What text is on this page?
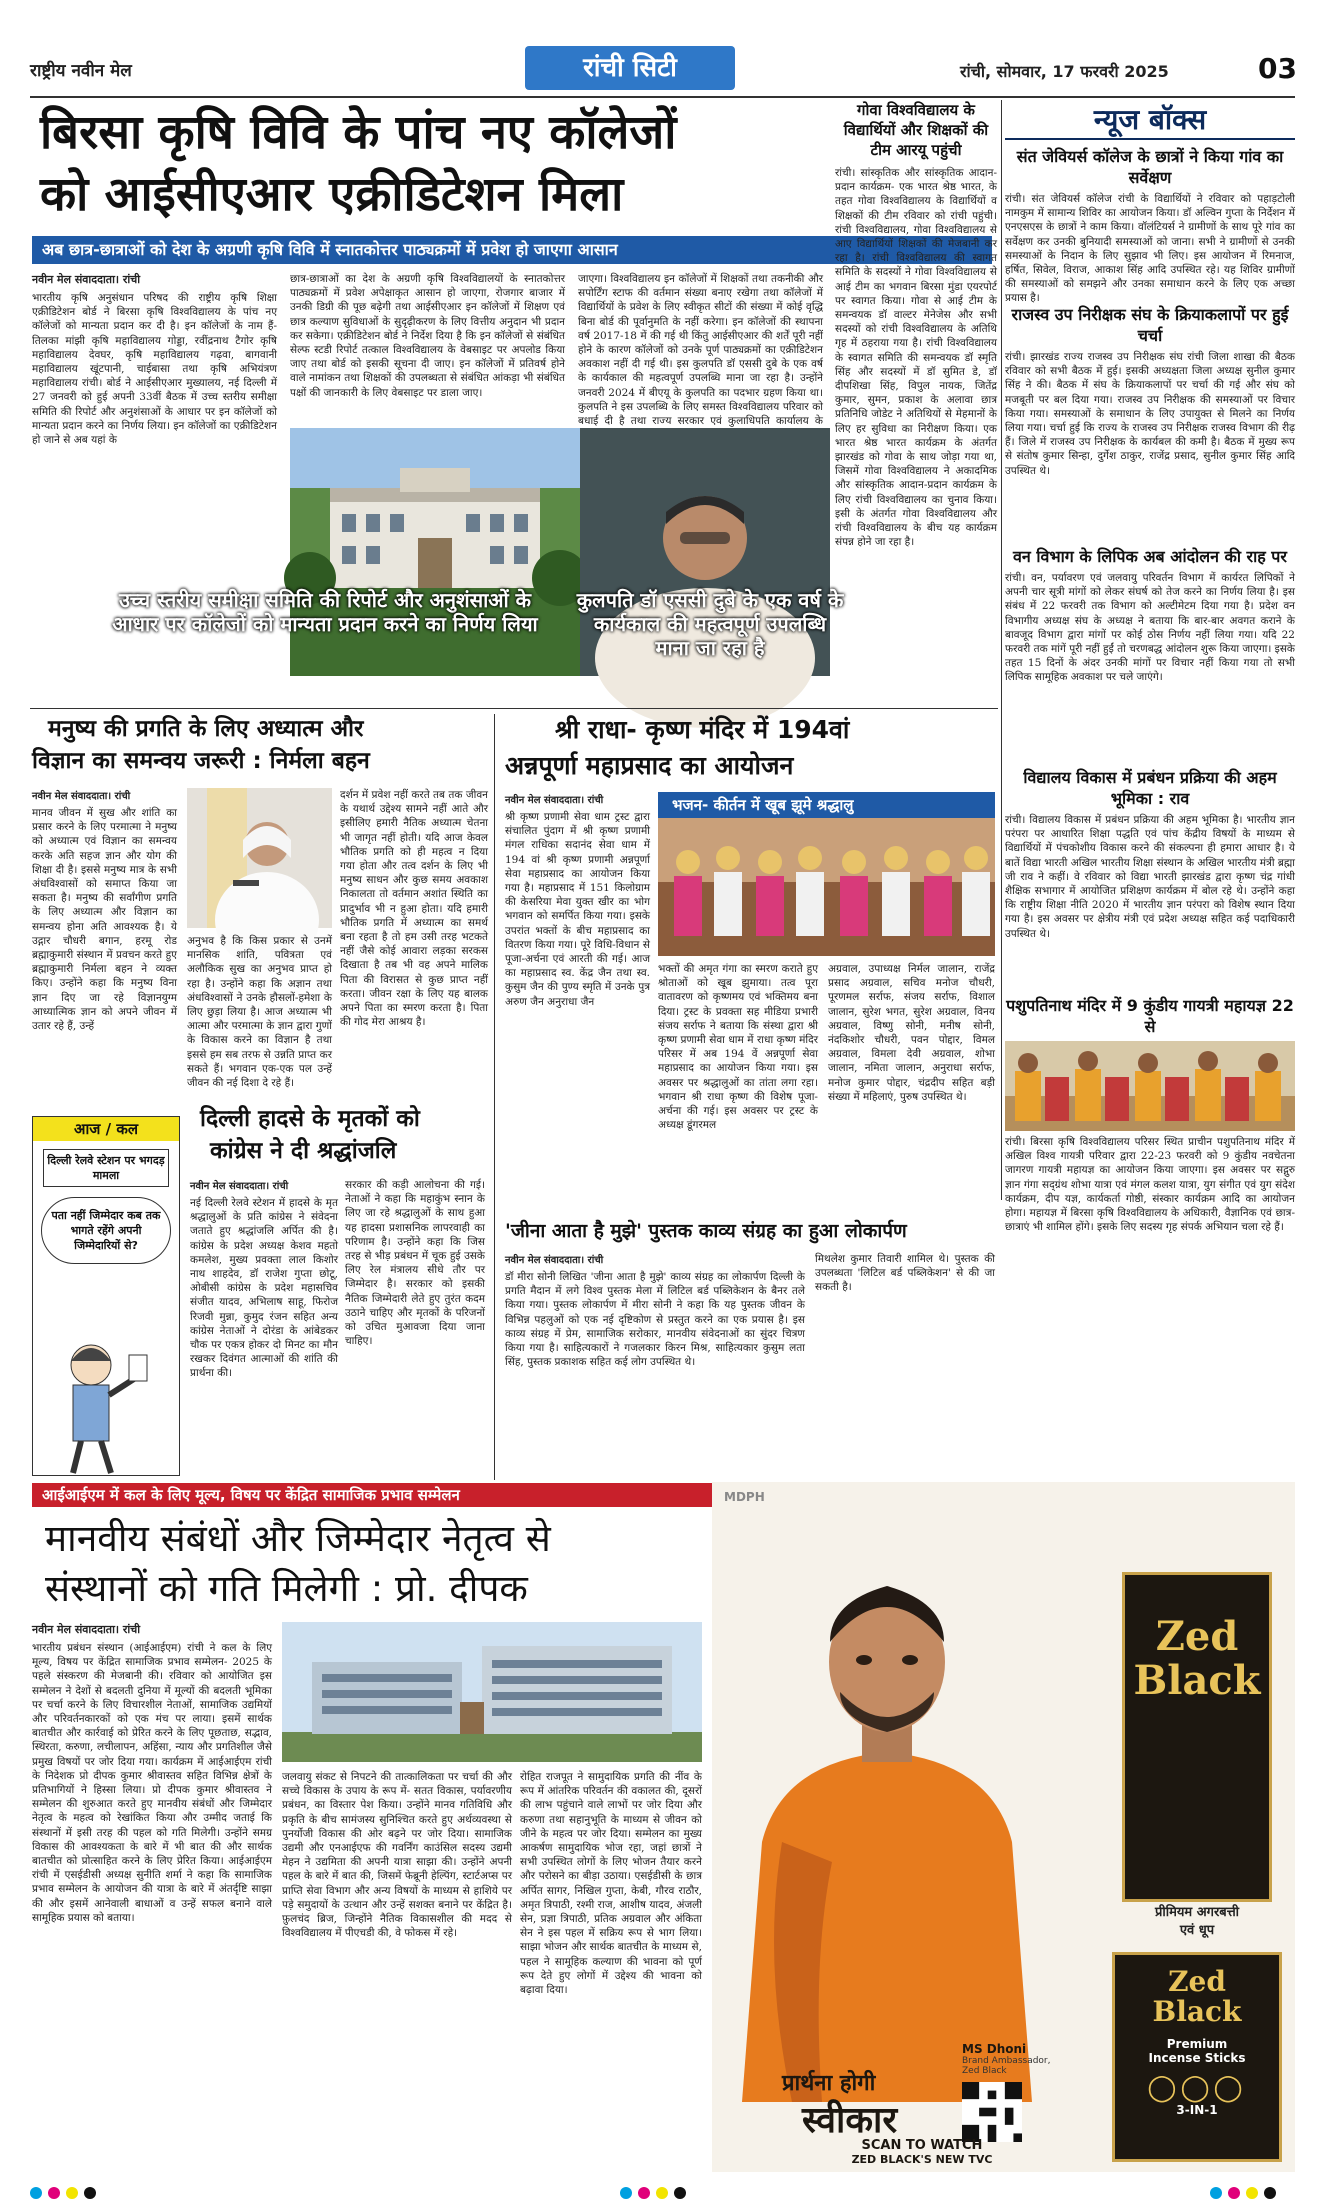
राष्ट्रीय नवीन मेल	रांची सिटी	रांची, सोमवार, 17 फरवरी 2025	03
बिरसा कृषि विवि के पांच नए कॉलेजों
को आईसीएआर एक्रीडिटेशन मिला
अब छात्र-छात्राओं को देश के अग्रणी कृषि विवि में स्नातकोत्तर पाठ्यक्रमों में प्रवेश हो जाएगा आसान
नवीन मेल संवाददाता। रांची
भारतीय कृषि अनुसंधान परिषद की राष्ट्रीय कृषि शिक्षा एक्रीडिटेशन बोर्ड ने बिरसा कृषि विश्वविद्यालय के पांच नए कॉलेजों को मान्यता प्रदान कर दी है। इन कॉलेजों के नाम हैं- तिलका मांझी कृषि महाविद्यालय गोड्डा, रवींद्रनाथ टैगोर कृषि महाविद्यालय देवघर, कृषि महाविद्यालय गढ़वा, बागवानी महाविद्यालय खूंटपानी, चाईबासा तथा कृषि अभियंत्रण महाविद्यालय रांची। बोर्ड ने आईसीएआर मुख्यालय, नई दिल्ली में 27 जनवरी को हुई अपनी 33वीं बैठक में उच्च स्तरीय समीक्षा समिति की रिपोर्ट और अनुशंसाओं के आधार पर इन कॉलेजों को मान्यता प्रदान करने का निर्णय लिया। इन कॉलेजों का एक्रीडिटेशन हो जाने से अब यहां के
छात्र-छात्राओं का देश के अग्रणी कृषि विश्वविद्यालयों के स्नातकोत्तर पाठ्यक्रमों में प्रवेश अपेक्षाकृत आसान हो जाएगा, रोजगार बाजार में उनकी डिग्री की पूछ बढ़ेगी तथा आईसीएआर इन कॉलेजों में शिक्षण एवं छात्र कल्याण सुविधाओं के सुदृढ़ीकरण के लिए वित्तीय अनुदान भी प्रदान कर सकेगा। एक्रीडिटेशन बोर्ड ने निर्देश दिया है कि इन कॉलेजों से संबंधित सेल्फ स्टडी रिपोर्ट तत्काल विश्वविद्यालय के वेबसाइट पर अपलोड किया जाए तथा बोर्ड को इसकी सूचना दी जाए। इन कॉलेजों में प्रतिवर्ष होने वाले नामांकन तथा शिक्षकों की उपलब्धता से संबंधित आंकड़ा भी संबंधित पक्षों की जानकारी के लिए वेबसाइट पर डाला जाए।
जाएगा। विश्वविद्यालय इन कॉलेजों में शिक्षकों तथा तकनीकी और सपोर्टिंग स्टाफ की वर्तमान संख्या बनाए रखेगा तथा कॉलेजों में विद्यार्थियों के प्रवेश के लिए स्वीकृत सीटों की संख्या में कोई वृद्धि बिना बोर्ड की पूर्वानुमति के नहीं करेगा। इन कॉलेजों की स्थापना वर्ष 2017-18 में की गई थी किंतु आईसीएआर की शर्तें पूरी नहीं होने के कारण कॉलेजों को उनके पूर्ण पाठ्यक्रमों का एक्रीडिटेशन अवकाश नहीं दी गई थी। इस कुलपति डॉ एससी दुबे के एक वर्ष के कार्यकाल की महत्वपूर्ण उपलब्धि माना जा रहा है। उन्होंने जनवरी 2024 में बीएयू के कुलपति का पदभार ग्रहण किया था। कुलपति ने इस उपलब्धि के लिए समस्त विश्वविद्यालय परिवार को बधाई दी है तथा राज्य सरकार एवं कुलाधिपति कार्यालय के
उच्च स्तरीय समीक्षा समिति की रिपोर्ट और अनुशंसाओं के आधार पर कॉलेजों को मान्यता प्रदान करने का निर्णय लिया
कुलपति डॉ एससी दुबे के एक वर्ष के कार्यकाल की महत्वपूर्ण उपलब्धि माना जा रहा है
गोवा विश्वविद्यालय के विद्यार्थियों और शिक्षकों की टीम आरयू पहुंची
रांची। सांस्कृतिक और सांस्कृतिक आदान-प्रदान कार्यक्रम- एक भारत श्रेष्ठ भारत, के तहत गोवा विश्वविद्यालय के विद्यार्थियों व शिक्षकों की टीम रविवार को रांची पहुंची। रांची विश्वविद्यालय, गोवा विश्वविद्यालय से आए विद्यार्थियों शिक्षकों की मेजबानी कर रहा है। रांची विश्वविद्यालय की स्वागत समिति के सदस्यों ने गोवा विश्वविद्यालय से आई टीम का भगवान बिरसा मुंडा एयरपोर्ट पर स्वागत किया। गोवा से आई टीम के समन्वयक डॉ वाल्टर मेनेजेस और सभी सदस्यों को रांची विश्वविद्यालय के अतिथि गृह में ठहराया गया है। रांची विश्वविद्यालय के स्वागत समिति की समन्वयक डॉ स्मृति सिंह और सदस्यों में डॉ सुमित डे, डॉ दीपशिखा सिंह, विपुल नायक, जितेंद्र कुमार, सुमन, प्रकाश के अलावा छात्र प्रतिनिधि जोडेट ने अतिथियों से मेहमानों के लिए हर सुविधा का निरीक्षण किया। एक भारत श्रेष्ठ भारत कार्यक्रम के अंतर्गत झारखंड को गोवा के साथ जोड़ा गया था, जिसमें गोवा विश्वविद्यालय ने अकादमिक और सांस्कृतिक आदान-प्रदान कार्यक्रम के लिए रांची विश्वविद्यालय का चुनाव किया। इसी के अंतर्गत गोवा विश्वविद्यालय और रांची विश्वविद्यालय के बीच यह कार्यक्रम संपन्न होने जा रहा है।
न्यूज बॉक्स
संत जेवियर्स कॉलेज के छात्रों ने किया गांव का सर्वेक्षण
रांची। संत जेवियर्स कॉलेज रांची के विद्यार्थियों ने रविवार को पहाड़टोली नामकुम में सामान्य शिविर का आयोजन किया। डॉ अल्विन गुप्ता के निर्देशन में एनएसएस के छात्रों ने काम किया। वॉलंटियर्स ने ग्रामीणों के साथ पूरे गांव का सर्वेक्षण कर उनकी बुनियादी समस्याओं को जाना। सभी ने ग्रामीणों से उनकी समस्याओं के निदान के लिए सुझाव भी लिए। इस आयोजन में रिमनाज, हर्षित, सिवेल, विराज, आकाश सिंह आदि उपस्थित रहे। यह शिविर ग्रामीणों की समस्याओं को समझने और उनका समाधान करने के लिए एक अच्छा प्रयास है।
राजस्व उप निरीक्षक संघ के क्रियाकलापों पर हुई चर्चा
रांची। झारखंड राज्य राजस्व उप निरीक्षक संघ रांची जिला शाखा की बैठक रविवार को सभी बैठक में हुई। इसकी अध्यक्षता जिला अध्यक्ष सुनील कुमार सिंह ने की। बैठक में संघ के क्रियाकलापों पर चर्चा की गई और संघ को मजबूती पर बल दिया गया। राजस्व उप निरीक्षक की समस्याओं पर विचार किया गया। समस्याओं के समाधान के लिए उपायुक्त से मिलने का निर्णय लिया गया। चर्चा हुई कि राज्य के राजस्व उप निरीक्षक राजस्व विभाग की रीढ़ हैं। जिले में राजस्व उप निरीक्षक के कार्यबल की कमी है। बैठक में मुख्य रूप से संतोष कुमार सिन्हा, दुर्गेश ठाकुर, राजेंद्र प्रसाद, सुनील कुमार सिंह आदि उपस्थित थे।
वन विभाग के लिपिक अब आंदोलन की राह पर
रांची। वन, पर्यावरण एवं जलवायु परिवर्तन विभाग में कार्यरत लिपिकों ने अपनी चार सूत्री मांगों को लेकर संघर्ष को तेज करने का निर्णय लिया है। इस संबंध में 22 फरवरी तक विभाग को अल्टीमेटम दिया गया है। प्रदेश वन विभागीय अध्यक्ष संघ के अध्यक्ष ने बताया कि बार-बार अवगत कराने के बावजूद विभाग द्वारा मांगों पर कोई ठोस निर्णय नहीं लिया गया। यदि 22 फरवरी तक मांगें पूरी नहीं हुईं तो चरणबद्ध आंदोलन शुरू किया जाएगा। इसके तहत 15 दिनों के अंदर उनकी मांगों पर विचार नहीं किया गया तो सभी लिपिक सामूहिक अवकाश पर चले जाएंगे।
विद्यालय विकास में प्रबंधन प्रक्रिया की अहम भूमिका : राव
रांची। विद्यालय विकास में प्रबंधन प्रक्रिया की अहम भूमिका है। भारतीय ज्ञान परंपरा पर आधारित शिक्षा पद्धति एवं पांच केंद्रीय विषयों के माध्यम से विद्यार्थियों में पंचकोशीय विकास करने की संकल्पना ही हमारा आधार है। ये बातें विद्या भारती अखिल भारतीय शिक्षा संस्थान के अखिल भारतीय मंत्री ब्रह्मा जी राव ने कहीं। वे रविवार को विद्या भारती झारखंड द्वारा कृष्ण चंद्र गांधी शैक्षिक सभागार में आयोजित प्रशिक्षण कार्यक्रम में बोल रहे थे। उन्होंने कहा कि राष्ट्रीय शिक्षा नीति 2020 में भारतीय ज्ञान परंपरा को विशेष स्थान दिया गया है। इस अवसर पर क्षेत्रीय मंत्री एवं प्रदेश अध्यक्ष सहित कई पदाधिकारी उपस्थित थे।
पशुपतिनाथ मंदिर में 9 कुंडीय गायत्री महायज्ञ 22 से
रांची। बिरसा कृषि विश्वविद्यालय परिसर स्थित प्राचीन पशुपतिनाथ मंदिर में अखिल विश्व गायत्री परिवार द्वारा 22-23 फरवरी को 9 कुंडीय नवचेतना जागरण गायत्री महायज्ञ का आयोजन किया जाएगा। इस अवसर पर सद्गुरु ज्ञान गंगा सद्ग्रंथ शोभा यात्रा एवं मंगल कलश यात्रा, युग संगीत एवं युग संदेश कार्यक्रम, दीप यज्ञ, कार्यकर्ता गोष्ठी, संस्कार कार्यक्रम आदि का आयोजन होगा। महायज्ञ में बिरसा कृषि विश्वविद्यालय के अधिकारी, वैज्ञानिक एवं छात्र-छात्राएं भी शामिल होंगे। इसके लिए सदस्य गृह संपर्क अभियान चला रहे हैं।
मनुष्य की प्रगति के लिए अध्यात्म और
विज्ञान का समन्वय जरूरी : निर्मला बहन
नवीन मेल संवाददाता। रांची
मानव जीवन में सुख और शांति का प्रसार करने के लिए परमात्मा ने मनुष्य को अध्यात्म एवं विज्ञान का समन्वय करके अति सहज ज्ञान और योग की शिक्षा दी है। इससे मनुष्य मात्र के सभी अंधविश्वासों को समाप्त किया जा सकता है। मनुष्य की सर्वांगीण प्रगति के लिए अध्यात्म और विज्ञान का समन्वय होना अति आवश्यक है। ये उद्गार चौधरी बगान, हरमू रोड ब्रह्माकुमारी संस्थान में प्रवचन करते हुए ब्रह्माकुमारी निर्मला बहन ने व्यक्त किए। उन्होंने कहा कि मनुष्य विना ज्ञान दिए जा रहे विज्ञानयुग्म आध्यात्मिक ज्ञान को अपने जीवन में उतार रहे हैं, उन्हें
अनुभव है कि किस प्रकार से उनमें मानसिक शांति, पवित्रता एवं अलौकिक सुख का अनुभव प्राप्त हो रहा है। उन्होंने कहा कि अज्ञान तथा अंधविश्वासों ने उनके हौसलों-हमेशा के लिए छुड़ा लिया है। आज अध्यात्म भी आत्मा और परमात्मा के ज्ञान द्वारा गुणों के विकास करने का विज्ञान है तथा इससे हम सब तरफ से उन्नति प्राप्त कर सकते हैं। भगवान एक-एक पल उन्हें जीवन की नई दिशा दे रहे हैं।
दर्शन में प्रवेश नहीं करते तब तक जीवन के यथार्थ उद्देश्य सामने नहीं आते और इसीलिए हमारी नैतिक अध्यात्म चेतना भी जागृत नहीं होती। यदि आज केवल भौतिक प्रगति को ही महत्व न दिया गया होता और तत्व दर्शन के लिए भी मनुष्य साधन और कुछ समय अवकाश निकालता तो वर्तमान अशांत स्थिति का प्रादुर्भाव भी न हुआ होता। यदि हमारी भौतिक प्रगति में अध्यात्म का समर्थ बना रहता है तो हम उसी तरह भटकते नहीं जैसे कोई आवारा लड़का सरकस दिखाता है तब भी वह अपने मालिक पिता की विरासत से कुछ प्राप्त नहीं करता। जीवन रक्षा के लिए यह बालक अपने पिता का स्मरण करता है। पिता की गोद मेरा आश्रय है।
आज / कल
दिल्ली रेलवे स्टेशन पर भगदड़ मामला
पता नहीं जिम्मेदार कब तक भागते रहेंगे अपनी जिम्मेदारियों से?
दिल्ली हादसे के मृतकों को
कांग्रेस ने दी श्रद्धांजलि
नवीन मेल संवाददाता। रांची
नई दिल्ली रेलवे स्टेशन में हादसे के मृत श्रद्धालुओं के प्रति कांग्रेस ने संवेदना जताते हुए श्रद्धांजलि अर्पित की है। कांग्रेस के प्रदेश अध्यक्ष केशव महतो कमलेश, मुख्य प्रवक्ता लाल किशोर नाथ शाहदेव, डॉ राजेश गुप्ता छोटू, ओबीसी कांग्रेस के प्रदेश महासचिव संजीत यादव, अभिलाष साहू, फिरोज रिजवी मुन्ना, कुमुद रंजन सहित अन्य कांग्रेस नेताओं ने दोरंडा के आंबेडकर चौक पर एकत्र होकर दो मिनट का मौन रखकर दिवंगत आत्माओं की शांति की प्रार्थना की।
सरकार की कड़ी आलोचना की गई। नेताओं ने कहा कि महाकुंभ स्नान के लिए जा रहे श्रद्धालुओं के साथ हुआ यह हादसा प्रशासनिक लापरवाही का परिणाम है। उन्होंने कहा कि जिस तरह से भीड़ प्रबंधन में चूक हुई उसके लिए रेल मंत्रालय सीधे तौर पर जिम्मेदार है। सरकार को इसकी नैतिक जिम्मेदारी लेते हुए तुरंत कदम उठाने चाहिए और मृतकों के परिजनों को उचित मुआवजा दिया जाना चाहिए।
श्री राधा- कृष्ण मंदिर में 194वां
अन्नपूर्णा महाप्रसाद का आयोजन
नवीन मेल संवाददाता। रांची
श्री कृष्ण प्रणामी सेवा धाम ट्रस्ट द्वारा संचालित पुंदाग में श्री कृष्ण प्रणामी मंगल राधिका सदानंद सेवा धाम में 194 वां श्री कृष्ण प्रणामी अन्नपूर्णा सेवा महाप्रसाद का आयोजन किया गया है। महाप्रसाद में 151 किलोग्राम की केसरिया मेवा युक्त खीर का भोग भगवान को समर्पित किया गया। इसके उपरांत भक्तों के बीच महाप्रसाद का वितरण किया गया। पूरे विधि-विधान से पूजा-अर्चना एवं आरती की गई। आज का महाप्रसाद स्व. केंद्र जैन तथा स्व. कुसुम जैन की पुण्य स्मृति में उनके पुत्र अरुण जैन अनुराधा जैन
भजन- कीर्तन में खूब झूमे श्रद्धालु
भक्तों की अमृत गंगा का स्मरण कराते हुए श्रोताओं को खूब झुमाया। तत्व पूरा वातावरण को कृष्णमय एवं भक्तिमय बना दिया। ट्रस्ट के प्रवक्ता सह मीडिया प्रभारी संजय सर्राफ ने बताया कि संस्था द्वारा श्री कृष्ण प्रणामी सेवा धाम में राधा कृष्ण मंदिर परिसर में अब 194 वें अन्नपूर्णा सेवा महाप्रसाद का आयोजन किया गया। इस अवसर पर श्रद्धालुओं का तांता लगा रहा। भगवान श्री राधा कृष्ण की विशेष पूजा-अर्चना की गई। इस अवसर पर ट्रस्ट के अध्यक्ष डूंगरमल
अग्रवाल, उपाध्यक्ष निर्मल जालान, राजेंद्र प्रसाद अग्रवाल, सचिव मनोज चौधरी, पूरणमल सर्राफ, संजय सर्राफ, विशाल जालान, सुरेश भगत, सुरेश अग्रवाल, विनय अग्रवाल, विष्णु सोनी, मनीष सोनी, नंदकिशोर चौधरी, पवन पोद्दार, विमल अग्रवाल, विमला देवी अग्रवाल, शोभा जालान, नमिता जालान, अनुराधा सर्राफ, मनोज कुमार पोद्दार, चंद्रदीप सहित बड़ी संख्या में महिलाएं, पुरुष उपस्थित थे।
'जीना आता है मुझे' पुस्तक काव्य संग्रह का हुआ लोकार्पण
नवीन मेल संवाददाता। रांची
डॉ मीरा सोनी लिखित 'जीना आता है मुझे' काव्य संग्रह का लोकार्पण दिल्ली के प्रगति मैदान में लगे विश्व पुस्तक मेला में लिटिल बर्ड पब्लिकेशन के बैनर तले किया गया। पुस्तक लोकार्पण में मीरा सोनी ने कहा कि यह पुस्तक जीवन के विभिन्न पहलुओं को एक नई दृष्टिकोण से प्रस्तुत करने का एक प्रयास है। इस काव्य संग्रह में प्रेम, सामाजिक सरोकार, मानवीय संवेदनाओं का सुंदर चित्रण किया गया है। साहित्यकारों ने गजलकार किरन मिश्र, साहित्यकार कुसुम लता सिंह, पुस्तक प्रकाशक सहित कई लोग उपस्थित थे।
मिथलेश कुमार तिवारी शामिल थे। पुस्तक की उपलब्धता 'लिटिल बर्ड पब्लिकेशन' से की जा सकती है।
आईआईएम में कल के लिए मूल्य, विषय पर केंद्रित सामाजिक प्रभाव सम्मेलन
मानवीय संबंधों और जिम्मेदार नेतृत्व से
संस्थानों को गति मिलेगी : प्रो. दीपक
नवीन मेल संवाददाता। रांची
भारतीय प्रबंधन संस्थान (आईआईएम) रांची ने कल के लिए मूल्य, विषय पर केंद्रित सामाजिक प्रभाव सम्मेलन- 2025 के पहले संस्करण की मेजबानी की। रविवार को आयोजित इस सम्मेलन ने देशों से बदलती दुनिया में मूल्यों की बदलती भूमिका पर चर्चा करने के लिए विचारशील नेताओं, सामाजिक उद्यमियों और परिवर्तनकारकों को एक मंच पर लाया। इसमें सार्थक बातचीत और कार्रवाई को प्रेरित करने के लिए पूछताछ, सद्भाव, स्थिरता, करुणा, लचीलापन, अहिंसा, न्याय और प्रगतिशील जैसे प्रमुख विषयों पर जोर दिया गया। कार्यक्रम में आईआईएम रांची के निदेशक प्रो दीपक कुमार श्रीवास्तव सहित विभिन्न क्षेत्रों के प्रतिभागियों ने हिस्सा लिया। प्रो दीपक कुमार श्रीवास्तव ने सम्मेलन की शुरुआत करते हुए मानवीय संबंधों और जिम्मेदार नेतृत्व के महत्व को रेखांकित किया और उम्मीद जताई कि संस्थानों में इसी तरह की पहल को गति मिलेगी। उन्होंने समग्र विकास की आवश्यकता के बारे में भी बात की और सार्थक बातचीत को प्रोत्साहित करने के लिए प्रेरित किया। आईआईएम रांची में एसईडीसी अध्यक्ष सुनीति शर्मा ने कहा कि सामाजिक प्रभाव सम्मेलन के आयोजन की यात्रा के बारे में अंतर्दृष्टि साझा की और इसमें आनेवाली बाधाओं व उन्हें सफल बनाने वाले सामूहिक प्रयास को बताया।
जलवायु संकट से निपटने की तात्कालिकता पर चर्चा की और सच्चे विकास के उपाय के रूप में- सतत विकास, पर्यावरणीय प्रबंधन, का विस्तार पेश किया। उन्होंने मानव गतिविधि और प्रकृति के बीच सामंजस्य सुनिश्चित करते हुए अर्थव्यवस्था से पुनर्योजी विकास की ओर बढ़ने पर जोर दिया। सामाजिक उद्यमी और एनआईएफ की गवर्निंग काउंसिल सदस्य उद्यमी मेहन ने उद्यमिता की अपनी यात्रा साझा की। उन्होंने अपनी पहल के बारे में बात की, जिसमें फेब्रूनी हेल्पिंग, स्टार्टअप्स पर प्राप्ति सेवा विभाग और अन्य विषयों के माध्यम से हाशिये पर पड़े समुदायों के उत्थान और उन्हें सशक्त बनाने पर केंद्रित है। फ़ुलचंद ब्रिज, जिन्होंने नैतिक विकासशील की मदद से विश्वविद्यालय में पीएचडी की, वे फोकस में रहे।
रोहित राजपूत ने सामुदायिक प्रगति की नींव के रूप में आंतरिक परिवर्तन की वकालत की, दूसरों की लाभ पहुंचाने वाले लाभों पर जोर दिया और करुणा तथा सहानुभूति के माध्यम से जीवन को जीने के महत्व पर जोर दिया। सम्मेलन का मुख्य आकर्षण सामुदायिक भोज रहा, जहां छात्रों ने सभी उपस्थित लोगों के लिए भोजन तैयार करने और परोसने का बीड़ा उठाया। एसईडीसी के छात्र अर्पित सागर, निखिल गुप्ता, केबी, गौरव राठौर, अमृत त्रिपाठी, रश्मी राज, आशीष यादव, अंजली सेन, प्रज्ञा त्रिपाठी, प्रतिक अग्रवाल और अंकिता सेन ने इस पहल में सक्रिय रूप से भाग लिया। साझा भोजन और सार्थक बातचीत के माध्यम से, पहल ने सामूहिक कल्याण की भावना को पूर्ण रूप देते हुए लोगों में उद्देश्य की भावना को बढ़ावा दिया।
MDPH
Zed
Black
प्रीमियम अगरबत्ती
एवं धूप
Zed
Black
Premium
Incense Sticks
◯◯◯
3-IN-1
प्रार्थना होगी
स्वीकार
MS Dhoni
Brand Ambassador,
Zed Black
SCAN TO WATCH
ZED BLACK'S NEW TVC
